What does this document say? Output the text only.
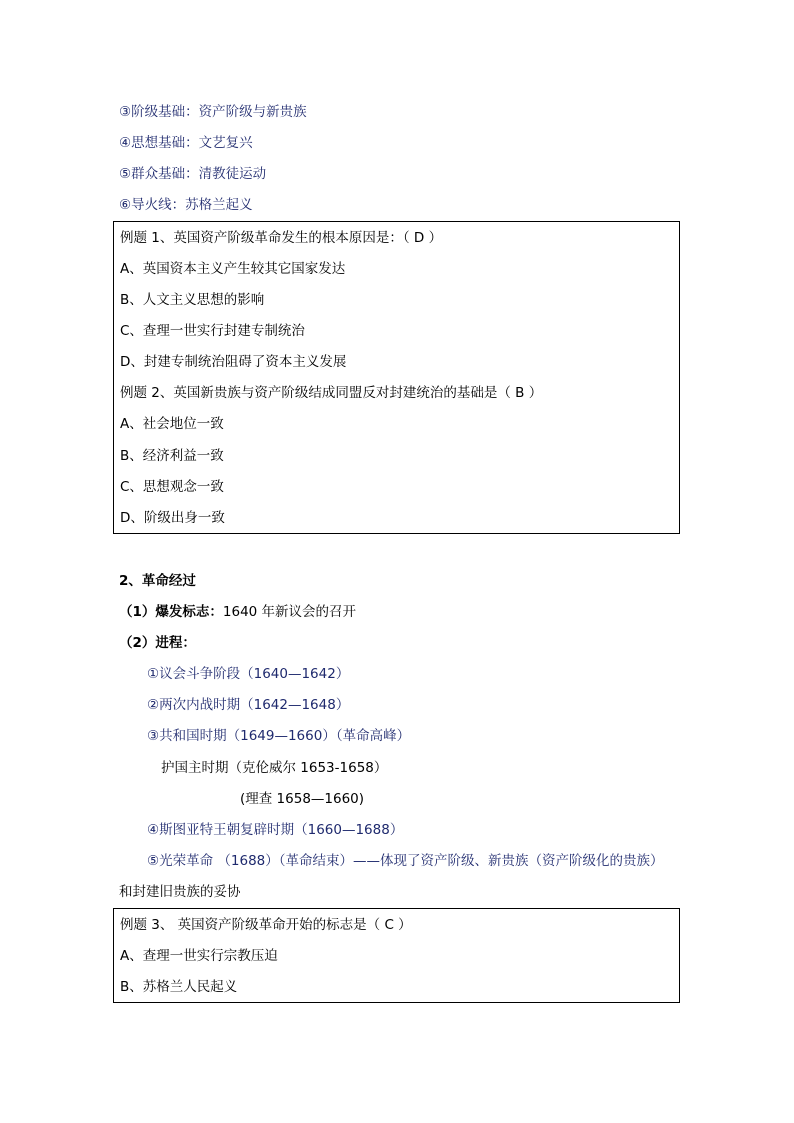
③阶级基础：资产阶级与新贵族
④思想基础：文艺复兴
⑤群众基础：清教徒运动
⑥导火线：苏格兰起义
例题 1、英国资产阶级革命发生的根本原因是：（ D ）
A、英国资本主义产生较其它国家发达
B、人文主义思想的影响
C、查理一世实行封建专制统治
D、封建专制统治阻碍了资本主义发展
例题 2、英国新贵族与资产阶级结成同盟反对封建统治的基础是（ B ）
A、社会地位一致
B、经济利益一致
C、思想观念一致
D、阶级出身一致
2、革命经过
（1）爆发标志：1640 年新议会的召开
（2）进程：
①议会斗争阶段（1640—1642）
②两次内战时期（1642—1648）
③共和国时期（1649—1660）（革命高峰）
护国主时期（克伦威尔 1653-1658）
(理查 1658—1660)
④斯图亚特王朝复辟时期（1660—1688）
⑤光荣革命 （1688）（革命结束）——体现了资产阶级、新贵族（资产阶级化的贵族）
和封建旧贵族的妥协
例题 3、 英国资产阶级革命开始的标志是（ C ）
A、查理一世实行宗教压迫
B、苏格兰人民起义
